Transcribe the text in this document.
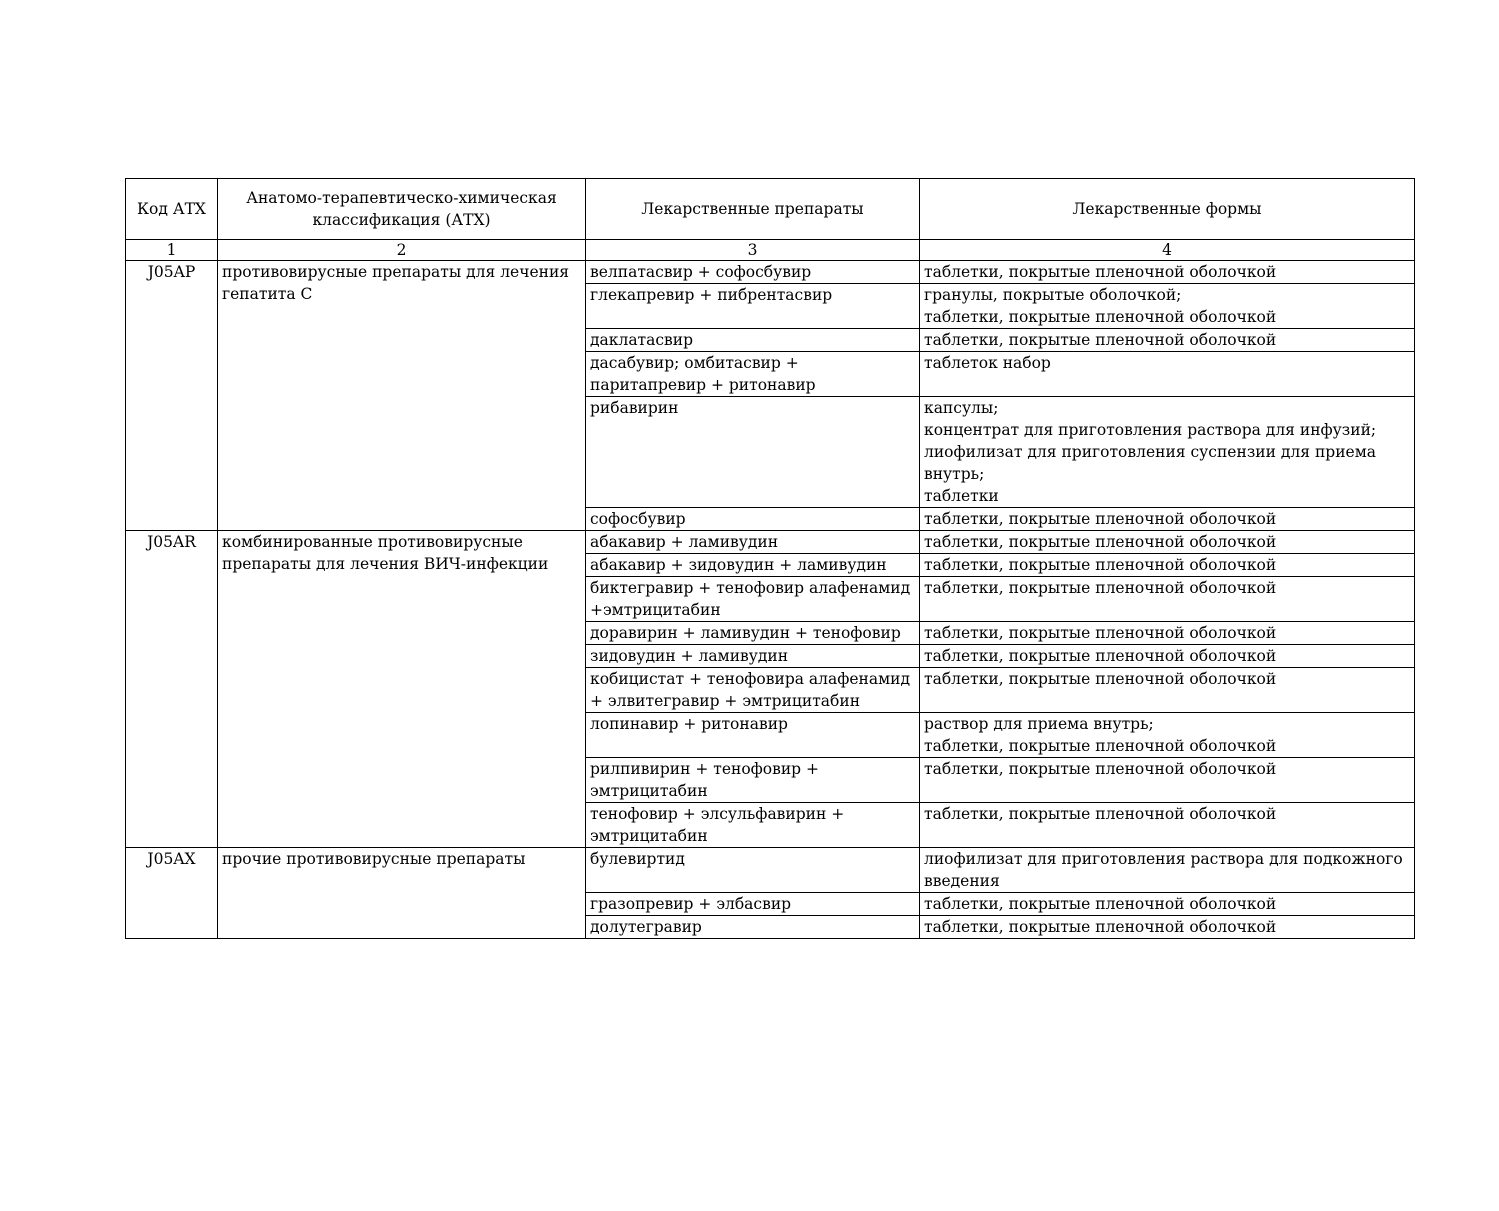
Код АТХ	Анатомо-терапевтическо-химическая классификация (АТХ)	Лекарственные препараты	Лекарственные формы
1	2	3	4
J05AP	противовирусные препараты для лечения гепатита С	велпатасвир + софосбувир	таблетки, покрытые пленочной оболочкой

		глекапревир + пибрентасвир	гранулы, покрытые оболочкой;
таблетки, покрытые пленочной оболочкой

		даклатасвир	таблетки, покрытые пленочной оболочкой

		дасабувир; омбитасвир + паритапревир + ритонавир	таблеток набор

		рибавирин	капсулы;
концентрат для приготовления раствора для инфузий;
лиофилизат для приготовления суспензии для приема внутрь;
таблетки

		софосбувир	таблетки, покрытые пленочной оболочкой

J05AR	комбинированные противовирусные препараты для лечения ВИЧ-инфекции	абакавир + ламивудин	таблетки, покрытые пленочной оболочкой

		абакавир + зидовудин + ламивудин	таблетки, покрытые пленочной оболочкой

		биктегравир + тенофовир алафенамид +эмтрицитабин	таблетки, покрытые пленочной оболочкой

		доравирин + ламивудин + тенофовир	таблетки, покрытые пленочной оболочкой

		зидовудин + ламивудин	таблетки, покрытые пленочной оболочкой

		кобицистат + тенофовира алафенамид + элвитегравир + эмтрицитабин	таблетки, покрытые пленочной оболочкой

		лопинавир + ритонавир	раствор для приема внутрь;
таблетки, покрытые пленочной оболочкой

		рилпивирин + тенофовир + эмтрицитабин	таблетки, покрытые пленочной оболочкой

		тенофовир + элсульфавирин + эмтрицитабин	таблетки, покрытые пленочной оболочкой

J05AX	прочие противовирусные препараты	булевиртид	лиофилизат для приготовления раствора для подкожного введения

		гразопревир + элбасвир	таблетки, покрытые пленочной оболочкой

		долутегравир	таблетки, покрытые пленочной оболочкой
